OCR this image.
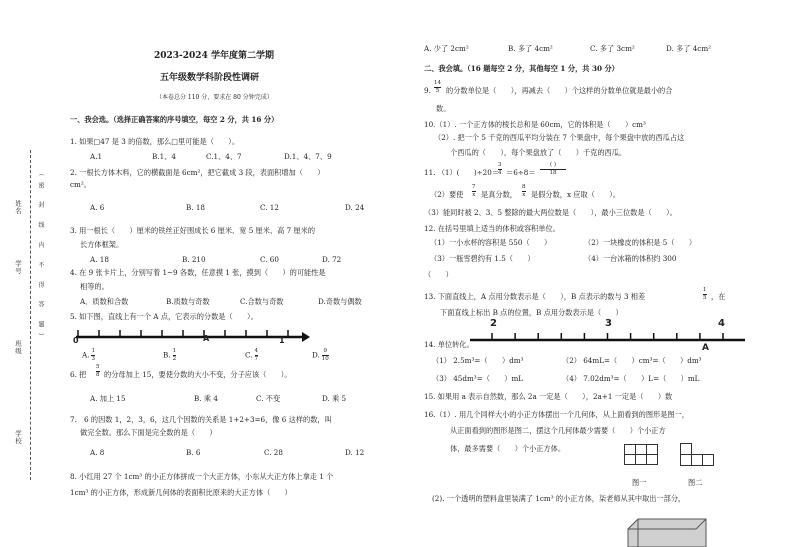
学校
班级
学号
姓名	（密 封 线 内 不 得 答 题）
2023-2024 学年度第二学期
五年级数学科阶段性调研
（本卷总分 110 分，要求在 80 分钟完成）
一、我会选。（选择正确答案的序号填空，每空 2 分，共 16 分）
1. 如果□47 是 3 的倍数，那么□里可能是（　　）。
A.1	B.1、4	C.1、4、7	D.1、4、7、9
2. 一根长方体木料，它的横截面是 6cm²，把它截成 3 段，表面积增加（　　）
cm²。
A. 6	B. 18	C. 12	D. 24
3. 用一根长（　　）厘米的铁丝正好围成长 6 厘米、宽 5 厘米、高 7 厘米的
长方体框架。
A. 18	B. 210	C. 60	D. 72
4. 在 9 张卡片上，分别写着 1~9 各数，任意摸 1 张，摸到（　　）的可能性是
相等的。
A．质数和合数	B.质数与奇数	C.合数与奇数	D.奇数与偶数
5. 如下图，直线上有一个 A 点，它表示的分数是（　　）。
0	A	1
A. $\frac{1}{3}$	B. $\frac{1}{2}$	C. $\frac{4}{7}$	D. $\frac{9}{10}$
6. 把 $\frac{5}{8}$ 的分母加上 15，要使分数的大小不变，分子应该（　　）。
A. 加上 15	B. 乘 4	C. 不变	D. 乘 5
7.　6 的因数 1，2，3，6，这几个因数的关系是 1+2+3=6，像 6 这样的数，叫
做完全数。那么下面是完全数的是（　　）
A. 8	B. 6	C. 28	D. 12
8. 小红用 27 个 1cm³ 的小正方体拼成一个大正方体，小东从大正方体上拿走 1 个
1cm³ 的小正方体，形成新几何体的表面积比原来的大正方体（　　）
A. 少了 2cm²	B. 多了 4cm²	C. 多了 3cm²	D. 多了 4cm²
二、我会填。（16 题每空 2 分，其他每空 1 分，共 30 分）
9. $\frac{14}{5}$ 的分数单位是（　　），再减去（　　）个这样的分数单位就是最小的合
数。
10.（1）. 一个正方体的棱长总和是 60cm，它的体积是（　　）cm³
（2）. 把一个 5 千克的西瓜平均分装在 7 个果盘中，每个果盘中放的西瓜占这
个西瓜的（　　），每个果盘放了（　　）千克的西瓜。
11. （1）(　　)÷20＝
$\frac{3}{4} =6\div 8=$
( )
18
（2）要使 $\frac{7}{x}$ 是真分数， $\frac{8}{x}$ 是假分数，x 应取（　　）。
（3）能同时被 2、3、5 整除的最大两位数是（　　），最小三位数是（　　）。
12. 在括号里填上适当的体积或容积单位。
（1）一小水杯的容积是 550（　　）	（2）一块橡皮的体积是 5（　　）
（3）一瓶雪碧约有 1.5（　　）	（4）一台冰箱的体积约 300
（　　）
13. 下面直线上，A 点用分数表示是（　　），B 点表示的数与 3 相差	$\frac{1}{5}$ ，在
下面直线上标出 B 点的位置，B 点用分数表示是（　　）
2	3	4
A
14. 单位转化。
（1） 2.5m³=（　　）dm³	（2） 64mL=（　　）cm³=（　　）dm³
（3） 45dm³=（　　）mL	（4） 7.02dm³=（　　）L=（　　）mL
15. 如果用 a 表示自然数，那么 2a 一定是（　　），2a+1 一定是（　　）数
16.（1）. 用几个同样大小的小正方体摆出一个几何体，从上面看到的图形是图一，
从正面看到的图形是图二，摆这个几何体最少需要（　　）个小正方
体，最多需要（　　）个小正方体。

图一	图二
(2). 一个透明的塑料盒里装满了 1cm³ 的小正方体，柒老师从其中取出一部分，
